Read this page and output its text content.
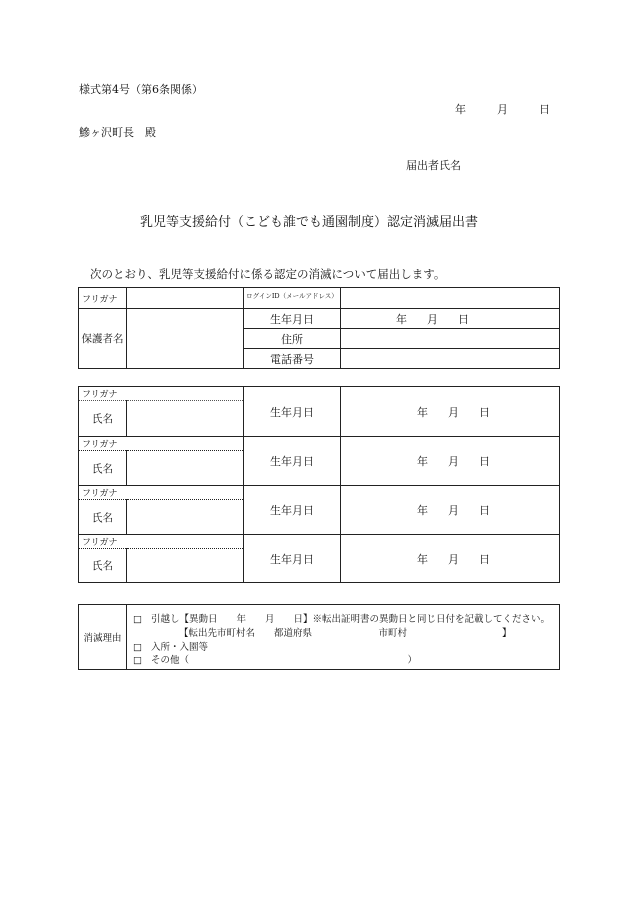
様式第4号（第6条関係）
年	月	日
鰺ヶ沢町長　殿
届出者氏名
乳児等支援給付（こども誰でも通園制度）認定消滅届出書
次のとおり、乳児等支援給付に係る認定の消滅について届出します。
フリガナ		ログインID（メールアドレス）	
保護者名		生年月日	年 月 日
		住所	
		電話番号	
フリガナ		生年月日	年 月 日
氏名			
フリガナ		生年月日	年 月 日
氏名			
フリガナ		生年月日	年 月 日
氏名			
フリガナ		生年月日	年 月 日
氏名			
消滅理由	
□ 引越し【異動日　　年　　月　　日】※転出証明書の異動日と同じ日付を記載してください。
【転出先市町村名　　都道府県　　　　　　　市町村　　　　　　　　　　】
□ 入所・入園等
□ その他（　　　　　　　　　　　　　　　　　　　　　　　）
